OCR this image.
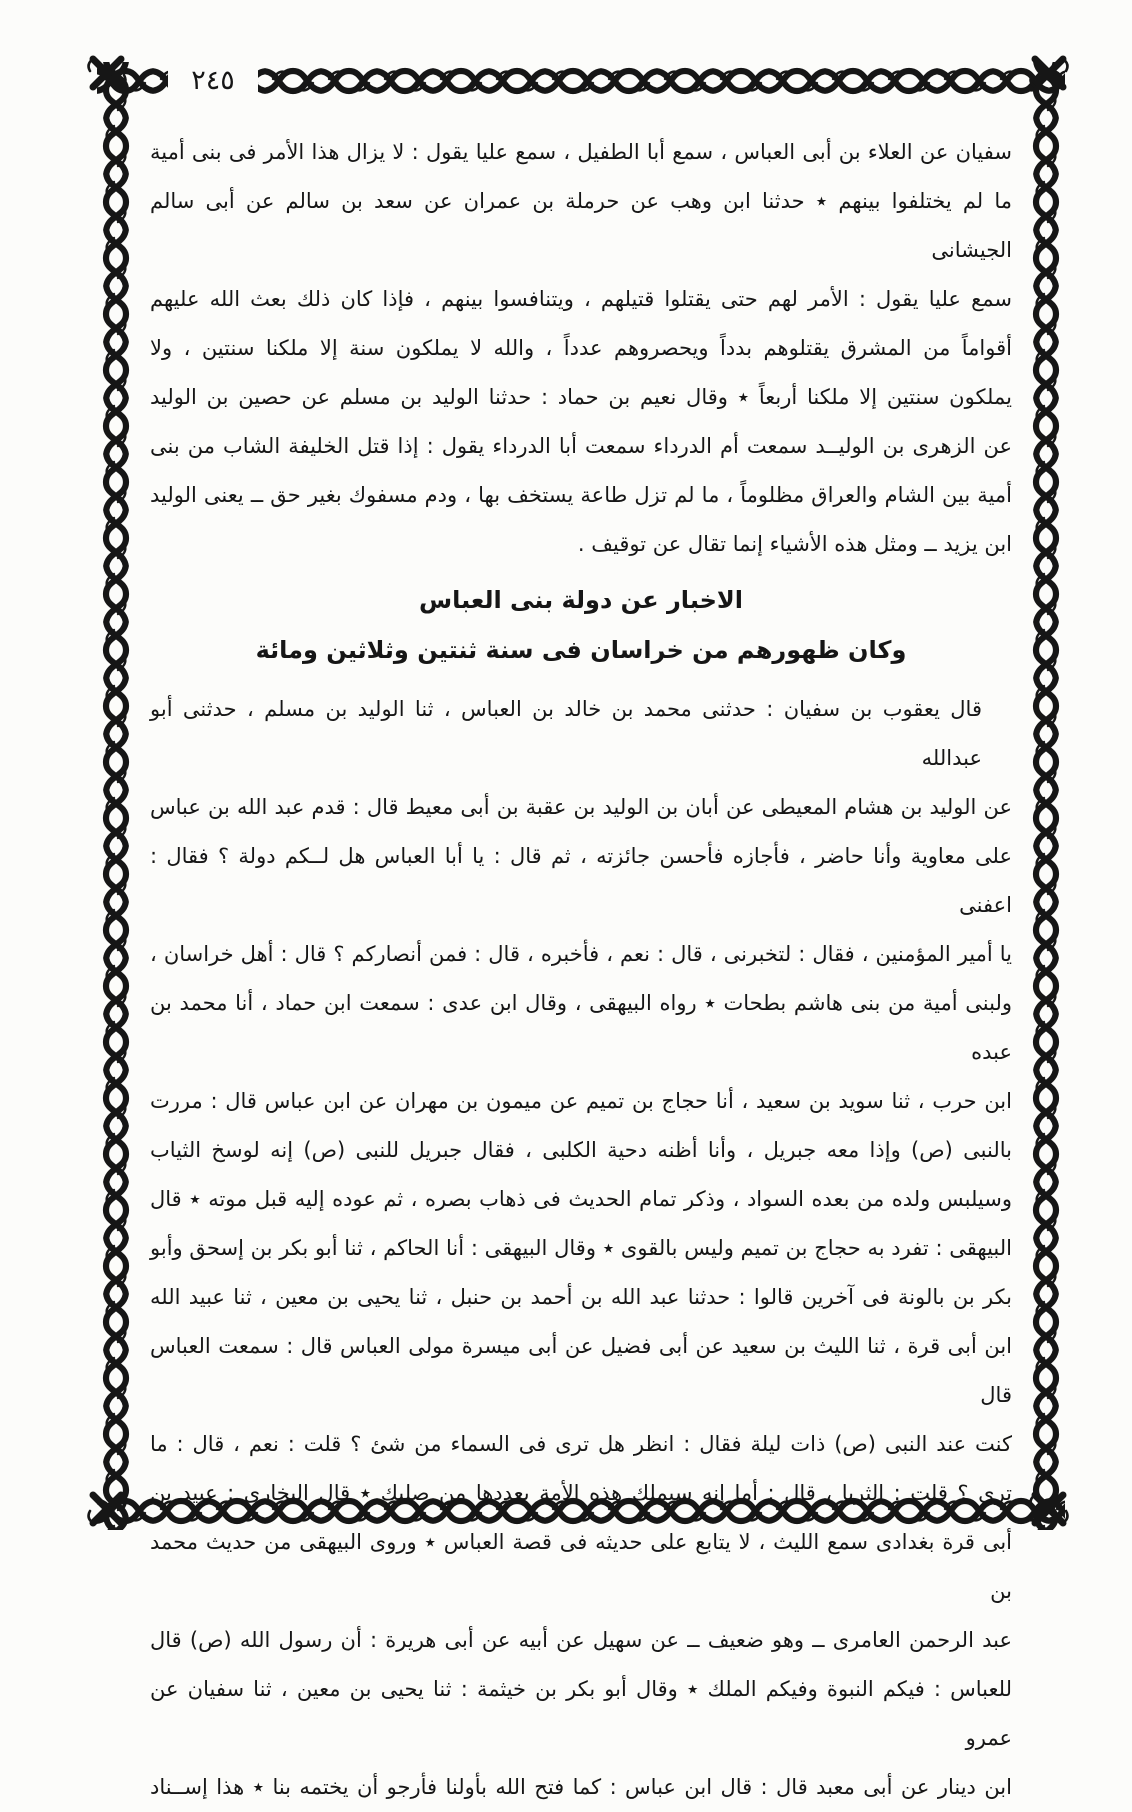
٢٤٥
سفيان عن العلاء بن أبى العباس ، سمع أبا الطفيل ، سمع عليا يقول : لا يزال هذا الأمر فى بنى أمية
ما لم يختلفوا بينهم ٭ حدثنا ابن وهب عن حرملة بن عمران عن سعد بن سالم عن أبى سالم الجيشانى
سمع عليا يقول : الأمر لهم حتى يقتلوا قتيلهم ، ويتنافسوا بينهم ، فإذا كان ذلك بعث الله عليهم
أقواماً من المشرق يقتلوهم بدداً ويحصروهم عدداً ، والله لا يملكون سنة إلا ملكنا سنتين ، ولا
يملكون سنتين إلا ملكنا أربعاً ٭ وقال نعيم بن حماد : حدثنا الوليد بن مسلم عن حصين بن الوليد
عن الزهرى بن الوليــد سمعت أم الدرداء سمعت أبا الدرداء يقول : إذا قتل الخليفة الشاب من بنى
أمية بين الشام والعراق مظلوماً ، ما لم تزل طاعة يستخف بها ، ودم مسفوك بغير حق ــ يعنى الوليد
ابن يزيد ــ ومثل هذه الأشياء إنما تقال عن توقيف .
الاخبار عن دولة بنى العباس
وكان ظهورهم من خراسان فى سنة ثنتين وثلاثين ومائة
قال يعقوب بن سفيان : حدثنى محمد بن خالد بن العباس ، ثنا الوليد بن مسلم ، حدثنى أبو عبدالله
عن الوليد بن هشام المعيطى عن أبان بن الوليد بن عقبة بن أبى معيط قال : قدم عبد الله بن عباس
على معاوية وأنا حاضر ، فأجازه فأحسن جائزته ، ثم قال : يا أبا العباس هل لــكم دولة ؟ فقال : اعفنى
يا أمير المؤمنين ، فقال : لتخبرنى ، قال : نعم ، فأخبره ، قال : فمن أنصاركم ؟ قال : أهل خراسان ،
ولبنى أمية من بنى هاشم بطحات ٭ رواه البيهقى ، وقال ابن عدى : سمعت ابن حماد ، أنا محمد بن عبده
ابن حرب ، ثنا سويد بن سعيد ، أنا حجاج بن تميم عن ميمون بن مهران عن ابن عباس قال : مررت
بالنبى (ص) وإذا معه جبريل ، وأنا أظنه دحية الكلبى ، فقال جبريل للنبى (ص) إنه لوسخ الثياب
وسيلبس ولده من بعده السواد ، وذكر تمام الحديث فى ذهاب بصره ، ثم عوده إليه قبل موته ٭ قال
البيهقى : تفرد به حجاج بن تميم وليس بالقوى ٭ وقال البيهقى : أنا الحاكم ، ثنا أبو بكر بن إسحق وأبو
بكر بن بالونة فى آخرين قالوا : حدثنا عبد الله بن أحمد بن حنبل ، ثنا يحيى بن معين ، ثنا عبيد الله
ابن أبى قرة ، ثنا الليث بن سعيد عن أبى فضيل عن أبى ميسرة مولى العباس قال : سمعت العباس قال
كنت عند النبى (ص) ذات ليلة فقال : انظر هل ترى فى السماء من شئ ؟ قلت : نعم ، قال : ما
ترى ؟ قلت : الثريا ، قال : أما إنه سيملك هذه الأمة بعددها من صلبك ٭ قال البخارى : عبيد بن
أبى قرة بغدادى سمع الليث ، لا يتابع على حديثه فى قصة العباس ٭ وروى البيهقى من حديث محمد بن
عبد الرحمن العامرى ــ وهو ضعيف ــ عن سهيل عن أبيه عن أبى هريرة : أن رسول الله (ص) قال
للعباس : فيكم النبوة وفيكم الملك ٭ وقال أبو بكر بن خيثمة : ثنا يحيى بن معين ، ثنا سفيان عن عمرو
ابن دينار عن أبى معبد قال : قال ابن عباس : كما فتح الله بأولنا فأرجو أن يختمه بنا ٭ هذا إســناد
